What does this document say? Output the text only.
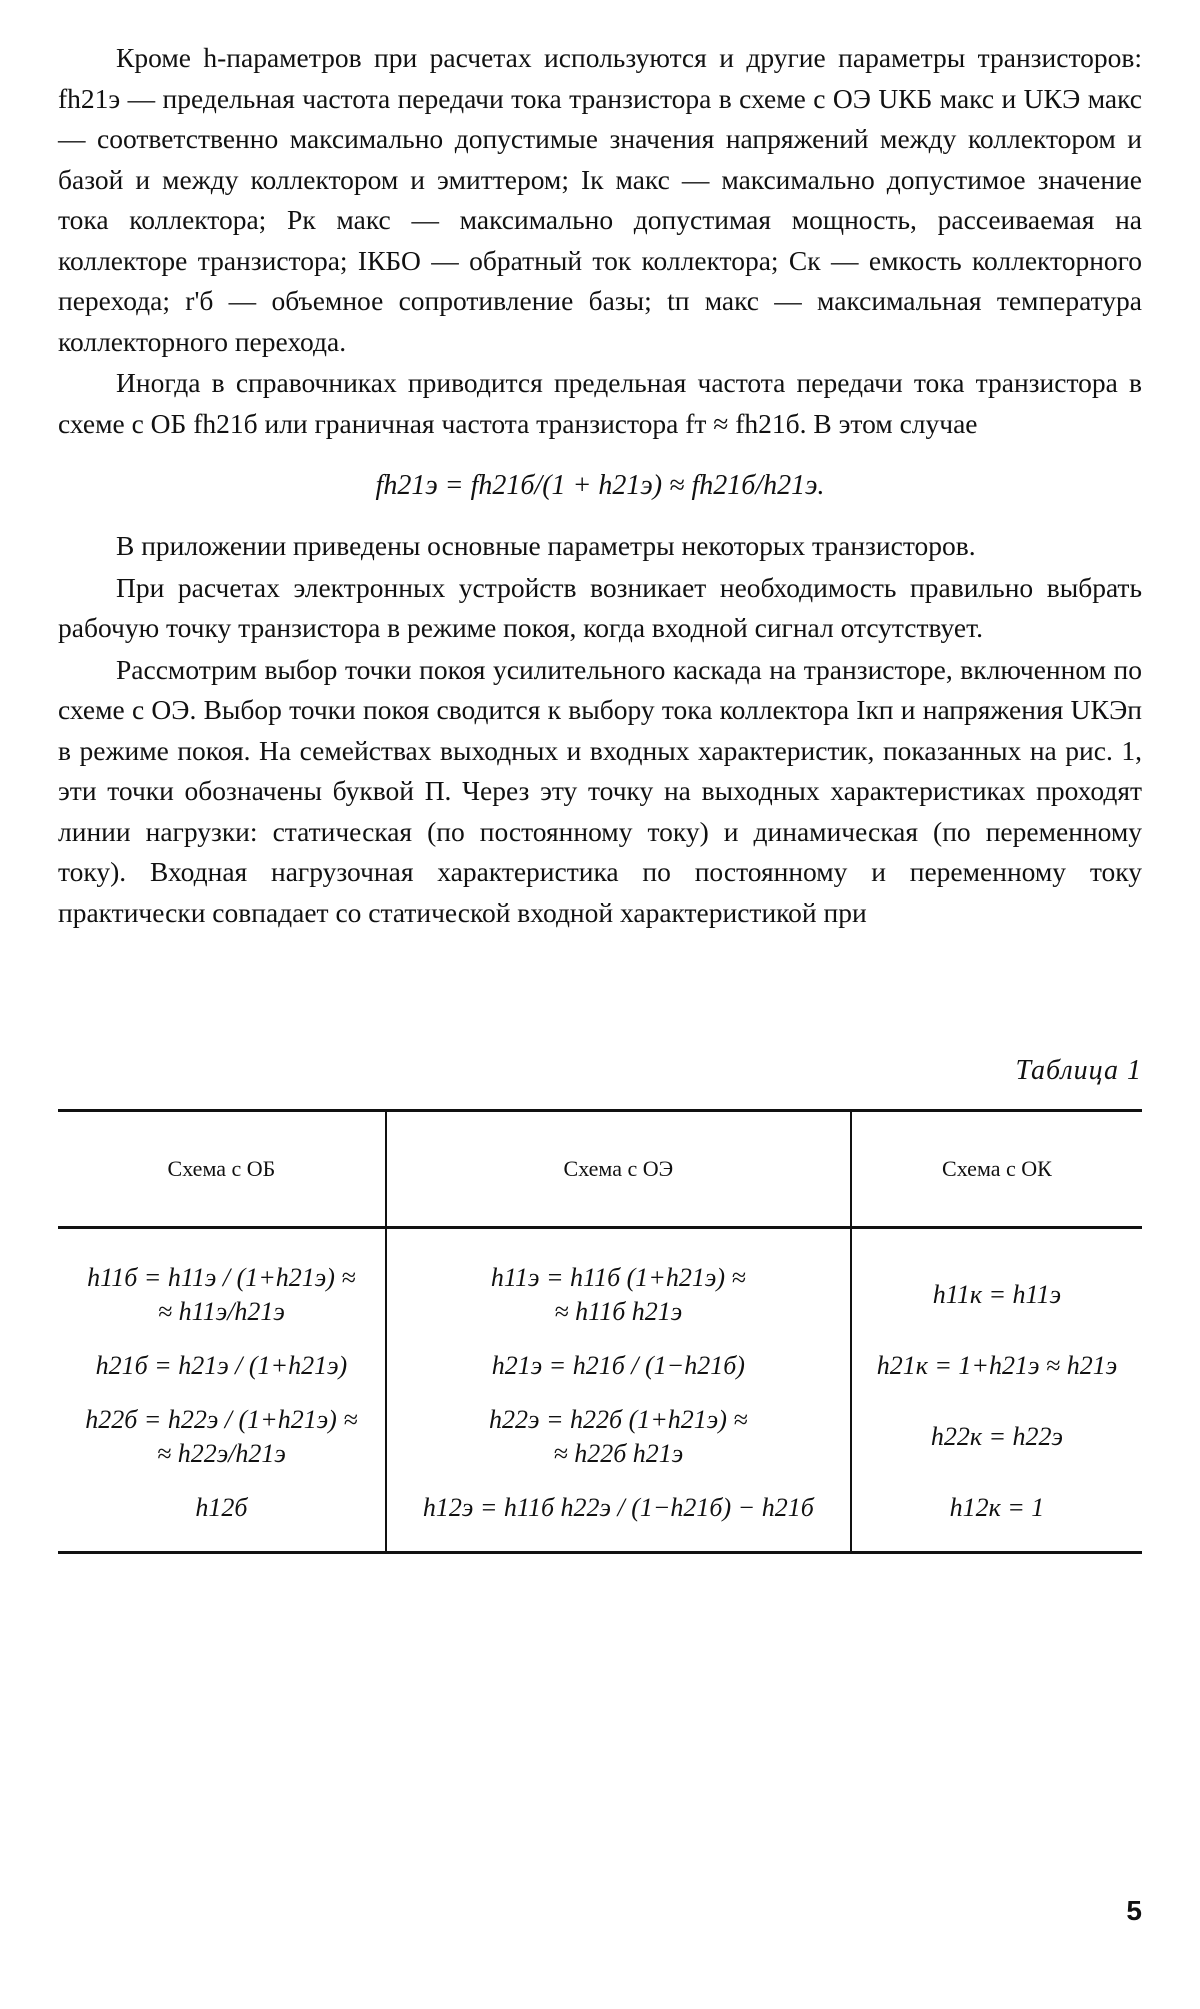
Кроме h-параметров при расчетах используются и другие параметры транзисторов: fh21э — предельная частота передачи тока транзистора в схеме с ОЭ UКБ макс и UКЭ макс — соответственно максимально допустимые значения напряжений между коллектором и базой и между коллектором и эмиттером; Iк макс — максимально допустимое значение тока коллектора; Pк макс — максимально допустимая мощность, рассеиваемая на коллекторе транзистора; IКБО — обратный ток коллектора; Cк — емкость коллекторного перехода; r'б — объемное сопротивление базы; tп макс — максимальная температура коллекторного перехода.

Иногда в справочниках приводится предельная частота передачи тока транзистора в схеме с ОБ fh21б или граничная частота транзистора fт ≈ fh21б. В этом случае

fh21э = fh21б/(1 + h21э) ≈ fh21б/h21э.

В приложении приведены основные параметры некоторых транзисторов.

При расчетах электронных устройств возникает необходимость правильно выбрать рабочую точку транзистора в режиме покоя, когда входной сигнал отсутствует.

Рассмотрим выбор точки покоя усилительного каскада на транзисторе, включенном по схеме с ОЭ. Выбор точки покоя сводится к выбору тока коллектора Iкп и напряжения UКЭп в режиме покоя. На семействах выходных и входных характеристик, показанных на рис. 1, эти точки обозначены буквой П. Через эту точку на выходных характеристиках проходят линии нагрузки: статическая (по постоянному току) и динамическая (по переменному току). Входная нагрузочная характеристика по постоянному и переменному току практически совпадает со статической входной характеристикой при

Таблица 1
Схема с ОБ	Схема с ОЭ	Схема с ОК

h11б = h11э / (1+h21э) ≈
≈ h11э/h21э	h11э = h11б (1+h21э) ≈
≈ h11б h21э	h11к = h11э

h21б = h21э / (1+h21э)	h21э = h21б / (1−h21б)	h21к = 1+h21э ≈ h21э

h22б = h22э / (1+h21э) ≈
≈ h22э/h21э	h22э = h22б (1+h21э) ≈
≈ h22б h21э	h22к = h22э

h12б	h12э = h11б h22э / (1−h21б) − h21б	h12к = 1
5
